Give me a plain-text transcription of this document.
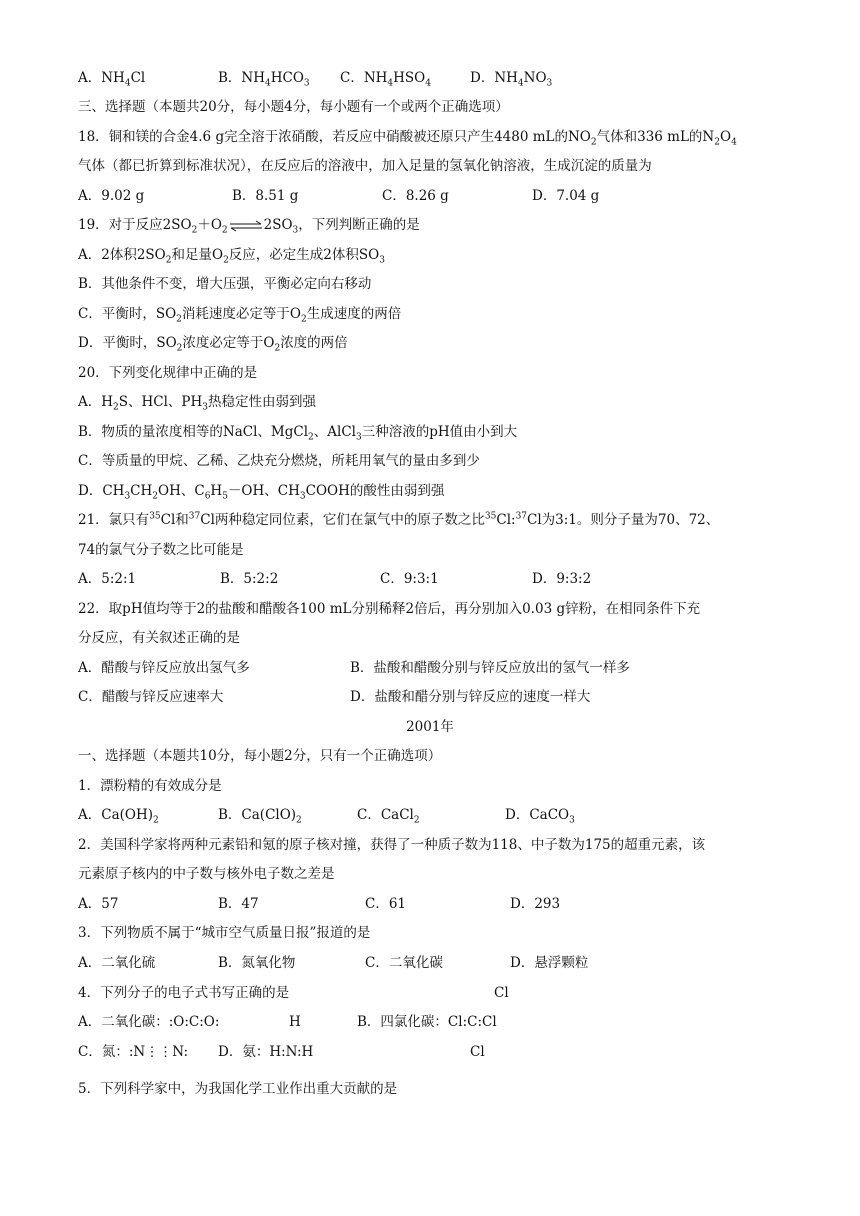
A．$NH_4Cl$	B．$NH_4HCO_3$ C．$NH_4HSO_4$	D．$NH_4NO_3$
三、选择题（本题共20分，每小题4分，每小题有一个或两个正确选项）
18．铜和镁的合金4.6 g完全溶于浓硝酸，若反应中硝酸被还原只产生4480 mL的$NO_2$气体和336 mL的$N_2O_4$
气体（都已折算到标准状况），在反应后的溶液中，加入足量的氢氧化钠溶液，生成沉淀的质量为
A．9.02 g	B．8.51 g	C．8.26 g	D．7.04 g
19．对于反应$2SO_2+O_2\rightleftharpoons 2SO_3$，下列判断正确的是
A．2体积$2SO_2$和足量$O_2$反应，必定生成2体积$SO_3$
B．其他条件不变，增大压强，平衡必定向右移动
C．平衡时，$SO_2$消耗速度必定等于$O_2$生成速度的两倍
D．平衡时，$SO_2$浓度必定等于$O_2$浓度的两倍
20．下列变化规律中正确的是
A．$H_2S$、HCl、$PH_3$热稳定性由弱到强
B．物质的量浓度相等的NaCl、MgCl$_2$、AlCl$_3$三种溶液的pH值由小到大
C．等质量的甲烷、乙稀、乙炔充分燃烧，所耗用氧气的量由多到少
D．$CH_3CH_2OH$、$C_6H_5-OH$、$CH_3COOH$的酸性由弱到强
21．氯只有$^{35}$Cl和$^{37}$Cl两种稳定同位素，它们在氯气中的原子数之比$^{35}$Cl:$^{37}$Cl为3:1。则分子量为70、72、
74的氯气分子数之比可能是
A．5:2:1	B．5:2:2	C．9:3:1	D．9:3:2
22．取pH值均等于2的盐酸和醋酸各100 mL分别稀释2倍后，再分别加入0.03 g锌粉，在相同条件下充
分反应，有关叙述正确的是
A．醋酸与锌反应放出氢气多	B．盐酸和醋酸分别与锌反应放出的氢气一样多
C．醋酸与锌反应速率大	D．盐酸和醋分别与锌反应的速度一样大
2001年
一、选择题（本题共10分，每小题2分，只有一个正确选项）
1．漂粉精的有效成分是
A．$Ca(OH)_2$	B．$Ca(ClO)_2$	C．CaCl$_2$	D．CaCO$_3$
2．美国科学家将两种元素铅和氪的原子核对撞，获得了一种质子数为118、中子数为175的超重元素，该
元素原子核内的中子数与核外电子数之差是
A．57	B．47	C．61	D．293
3．下列物质不属于“城市空气质量日报”报道的是
A．二氧化硫	B．氮氧化物	C．二氧化碳	D．悬浮颗粒
4．下列分子的电子式书写正确的是	Cl
A．二氧化碳：:O:C:O:	H	B．四氯化碳：Cl:C:Cl
C．氮：:N⋮⋮N: D．氨：H:N:H	Cl
5．下列科学家中，为我国化学工业作出重大贡献的是
